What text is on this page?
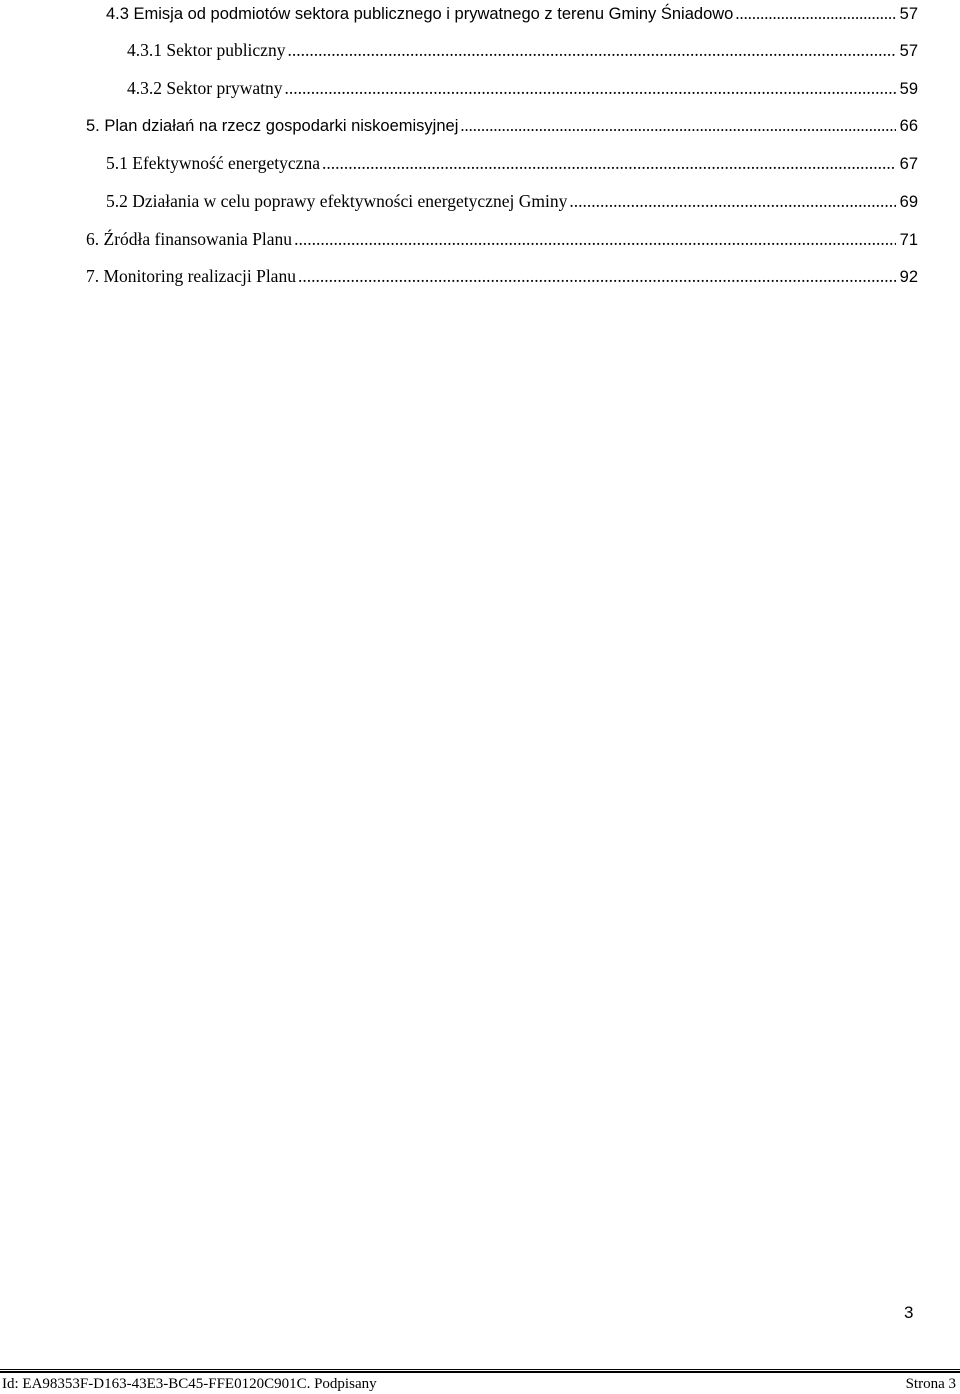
4.3 Emisja od podmiotów sektora publicznego i prywatnego z terenu Gminy Śniadowo .....	57
4.3.1 Sektor publiczny .....	57
4.3.2 Sektor prywatny .....	59
5. Plan działań na rzecz gospodarki niskoemisyjnej .....	66
5.1 Efektywność energetyczna .....	67
5.2 Działania w celu poprawy efektywności energetycznej Gminy .....	69
6. Źródła finansowania Planu .....	71
7. Monitoring realizacji Planu .....	92
3
Id: EA98353F-D163-43E3-BC45-FFE0120C901C. Podpisany	Strona 3
